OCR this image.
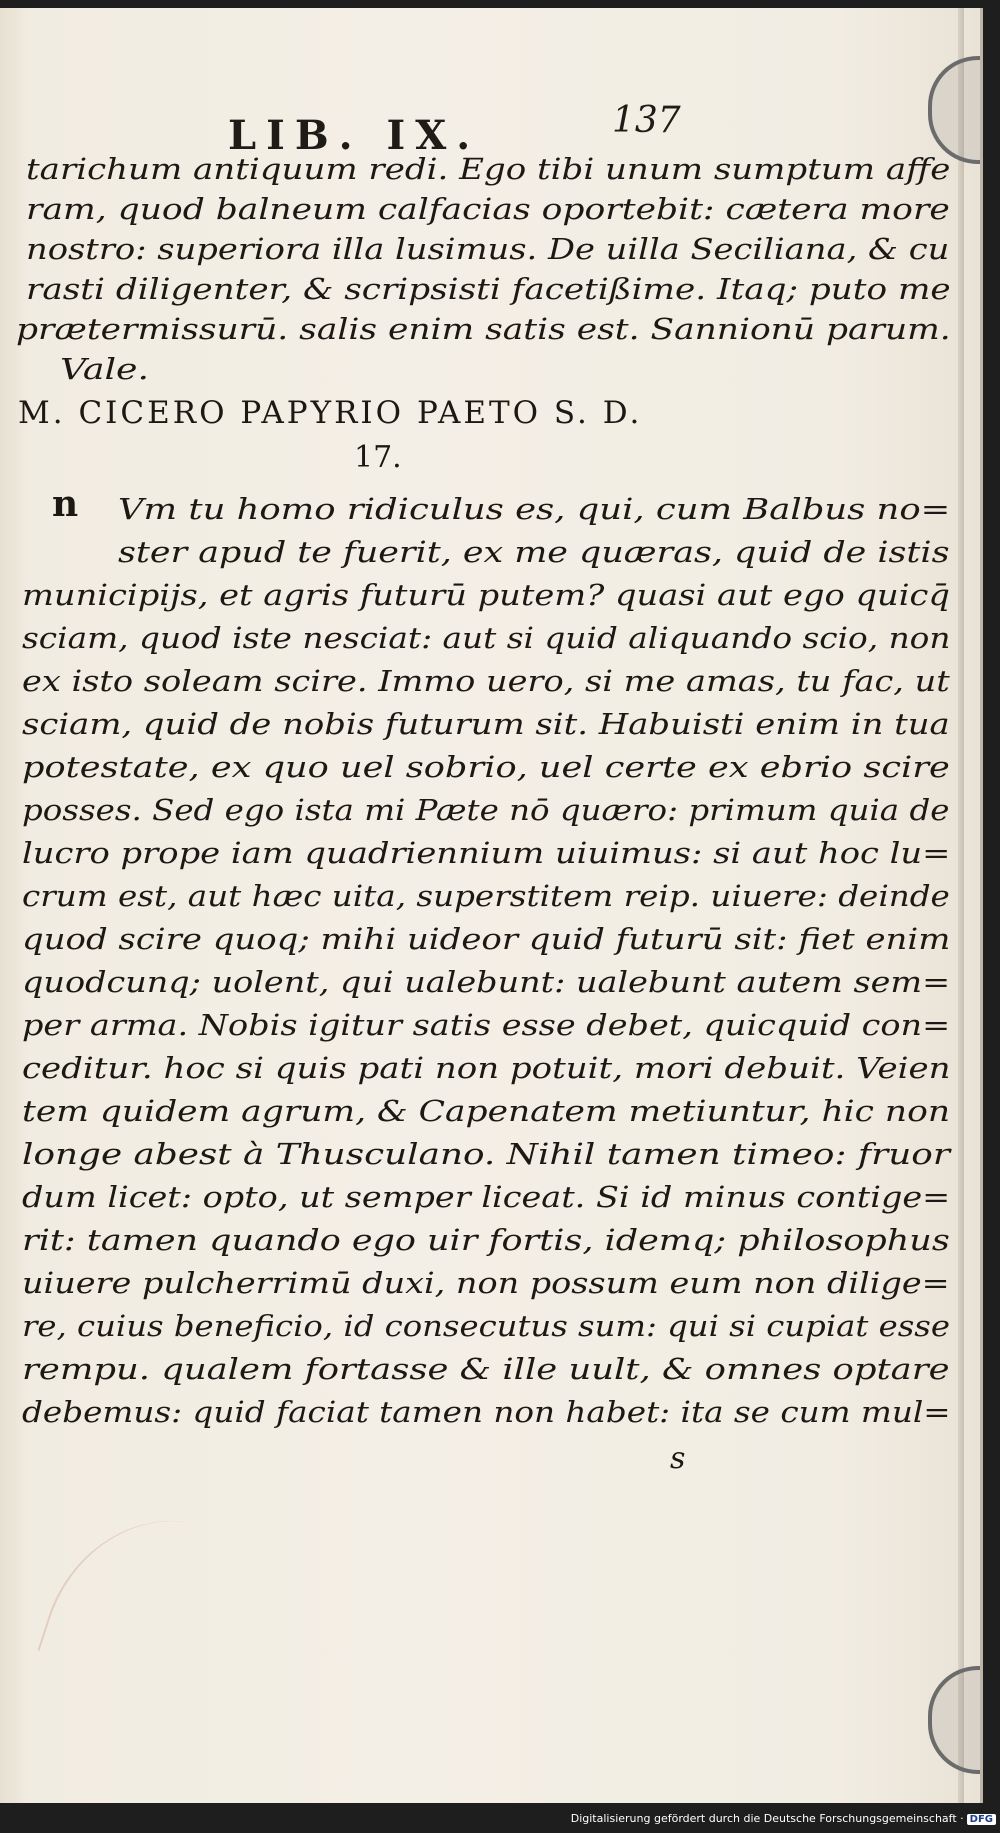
LIB. IX.	137
tarichum antiquum redi. Ego tibi unum sumptum affe
ram, quod balneum calfacias oportebit: cætera more
nostro: superiora illa lusimus. De uilla Seciliana, & cu
rasti diligenter, & scripsisti facetißime. Itaq; puto me
prætermissurū. salis enim satis est. Sannionū parum.
Vale.
M. CICERO PAPYRIO PAETO S. D.
17.
n Vm tu homo ridiculus es, qui, cum Balbus no=
ster apud te fuerit, ex me quæras, quid de istis
municipijs, et agris futurū putem? quasi aut ego quicq̄
sciam, quod iste nesciat: aut si quid aliquando scio, non
ex isto soleam scire. Immo uero, si me amas, tu fac, ut
sciam, quid de nobis futurum sit. Habuisti enim in tua
potestate, ex quo uel sobrio, uel certe ex ebrio scire
posses. Sed ego ista mi Pæte nō quæro: primum quia de
lucro prope iam quadriennium uiuimus: si aut hoc lu=
crum est, aut hæc uita, superstitem reip. uiuere: deinde
quod scire quoq; mihi uideor quid futurū sit: fiet enim
quodcunq; uolent, qui ualebunt: ualebunt autem sem=
per arma. Nobis igitur satis esse debet, quicquid con=
ceditur. hoc si quis pati non potuit, mori debuit. Veien
tem quidem agrum, & Capenatem metiuntur, hic non
longe abest à Thusculano. Nihil tamen timeo: fruor
dum licet: opto, ut semper liceat. Si id minus contige=
rit: tamen quando ego uir fortis, idemq; philosophus
uiuere pulcherrimū duxi, non possum eum non dilige=
re, cuius beneficio, id consecutus sum: qui si cupiat esse
rempu. qualem fortasse & ille uult, & omnes optare
debemus: quid faciat tamen non habet: ita se cum mul=
s
Digitalisierung gefördert durch die Deutsche Forschungsgemeinschaft · DFG
